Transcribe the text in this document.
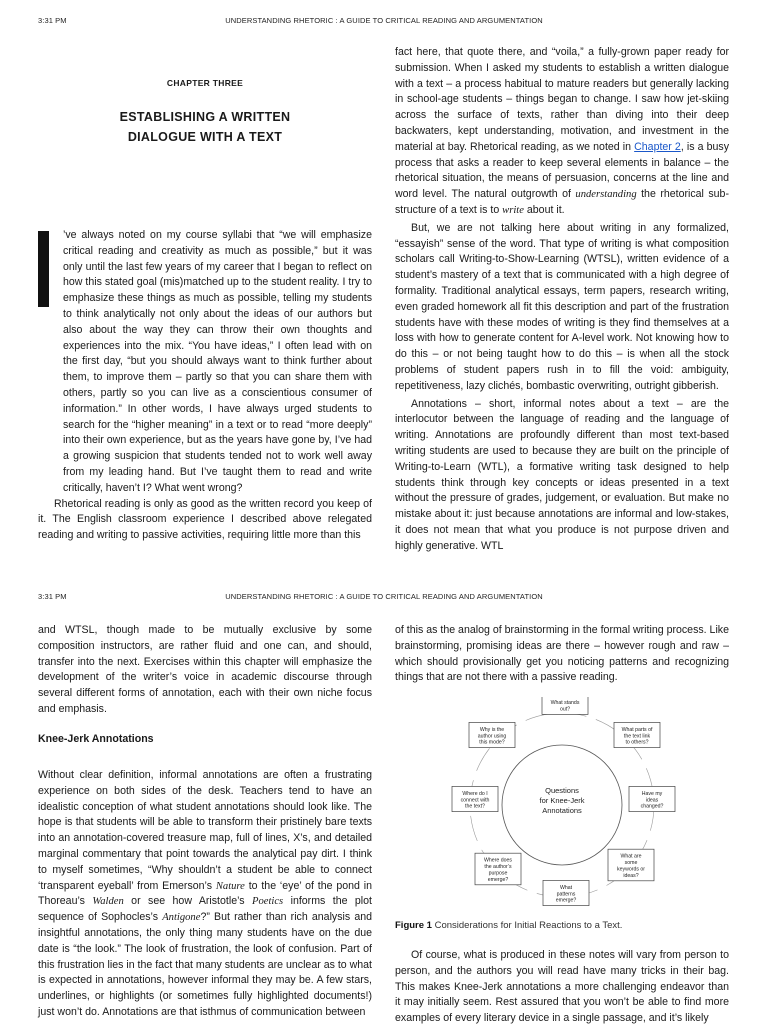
3:31 PM	UNDERSTANDING RHETORIC : A GUIDE TO CRITICAL READING AND ARGUMENTATION
CHAPTER THREE
ESTABLISHING A WRITTEN
DIALOGUE WITH A TEXT

’ve always noted on my course syllabi that “we will emphasize critical reading and creativity as much as possible,” but it was only until the last few years of my career that I began to reflect on how this stated goal (mis)matched up to the student reality. I try to emphasize these things as much as possible, telling my students to think analytically not only about the ideas of our authors but also about the way they can throw their own thoughts and experiences into the mix. “You have ideas,” I often lead with on the first day, “but you should always want to think further about them, to improve them – partly so that you can share them with others, partly so you can live as a conscientious consumer of information.” In other words, I have always urged students to search for the “higher meaning” in a text or to read “more deeply” into their own experience, but as the years have gone by, I’ve had a growing suspicion that students tended not to work well away from my leading hand. But I’ve taught them to read and write critically, haven’t I? What went wrong?

Rhetorical reading is only as good as the written record you keep of it. The English classroom experience I described above relegated reading and writing to passive activities, requiring little more than this

fact here, that quote there, and “voila,” a fully-grown paper ready for submission. When I asked my students to establish a written dialogue with a text – a process habitual to mature readers but generally lacking in school-age students – things began to change. I saw how jet-skiing across the surface of texts, rather than diving into their deep backwaters, kept understanding, motivation, and investment in the material at bay. Rhetorical reading, as we noted in Chapter 2, is a busy process that asks a reader to keep several elements in balance – the rhetorical situation, the means of persuasion, concerns at the line and word level. The natural outgrowth of understanding the rhetorical sub-structure of a text is to write about it.

But, we are not talking here about writing in any formalized, “essayish” sense of the word. That type of writing is what composition scholars call Writing-to-Show-Learning (WTSL), written evidence of a student’s mastery of a text that is communicated with a high degree of formality. Traditional analytical essays, term papers, research writing, even graded homework all fit this description and part of the frustration students have with these modes of writing is they find themselves at a loss with how to generate content for A-level work. Not knowing how to do this – or not being taught how to do this – is when all the stock problems of student papers rush in to fill the void: ambiguity, repetitiveness, lazy clichés, bombastic overwriting, outright gibberish.

Annotations – short, informal notes about a text – are the interlocutor between the language of reading and the language of writing. Annotations are profoundly different than most text-based writing students are used to because they are built on the principle of Writing-to-Learn (WTL), a formative writing task designed to help students think through key concepts or ideas presented in a text without the pressure of grades, judgement, or evaluation. But make no mistake about it: just because annotations are informal and low-stakes, it does not mean that what you produce is not purpose driven and highly generative. WTL

3:31 PM	UNDERSTANDING RHETORIC : A GUIDE TO CRITICAL READING AND ARGUMENTATION

and WTSL, though made to be mutually exclusive by some composition instructors, are rather fluid and one can, and should, transfer into the next. Exercises within this chapter will emphasize the development of the writer’s voice in academic discourse through several different forms of annotation, each with their own niche focus and emphasis.

Knee-Jerk Annotations

Without clear definition, informal annotations are often a frustrating experience on both sides of the desk. Teachers tend to have an idealistic conception of what student annotations should look like. The hope is that students will be able to transform their pristinely bare texts into an annotation-covered treasure map, full of lines, X’s, and detailed marginal commentary that point towards the analytical pay dirt. I think to myself sometimes, “Why shouldn’t a student be able to connect ‘transparent eyeball’ from Emerson’s Nature to the ‘eye’ of the pond in Thoreau’s Walden or see how Aristotle’s Poetics informs the plot sequence of Sophocles’s Antigone?” But rather than rich analysis and insightful annotations, the only thing many students have on the due date is “the look.” The look of frustration, the look of confusion. Part of this frustration lies in the fact that many students are unclear as to what is expected in annotations, however informal they may be. A few stars, underlines, or highlights (or sometimes fully highlighted documents!) just won’t do. Annotations are that isthmus of communication between

of this as the analog of brainstorming in the formal writing process. Like brainstorming, promising ideas are there – however rough and raw – which should provisionally get you noticing patterns and recognizing things that are not there with a passive reading.

Questions
for Knee-Jerk
Annotations
What stands
out?
What parts of
the text link
to others?
Have my
ideas
changed?
What are
some
keywords or
ideas?
What
patterns
emerge?
Where does
the author’s
purpose
emerge?
Where do I
connect with
the text?
Why is the
author using
this mode?
Figure 1 Considerations for Initial Reactions to a Text.

Of course, what is produced in these notes will vary from person to person, and the authors you will read have many tricks in their bag. This makes Knee-Jerk annotations a more challenging endeavor than it may initially seem. Rest assured that you won’t be able to find more examples of every literary device in a single passage, and it’s likely
